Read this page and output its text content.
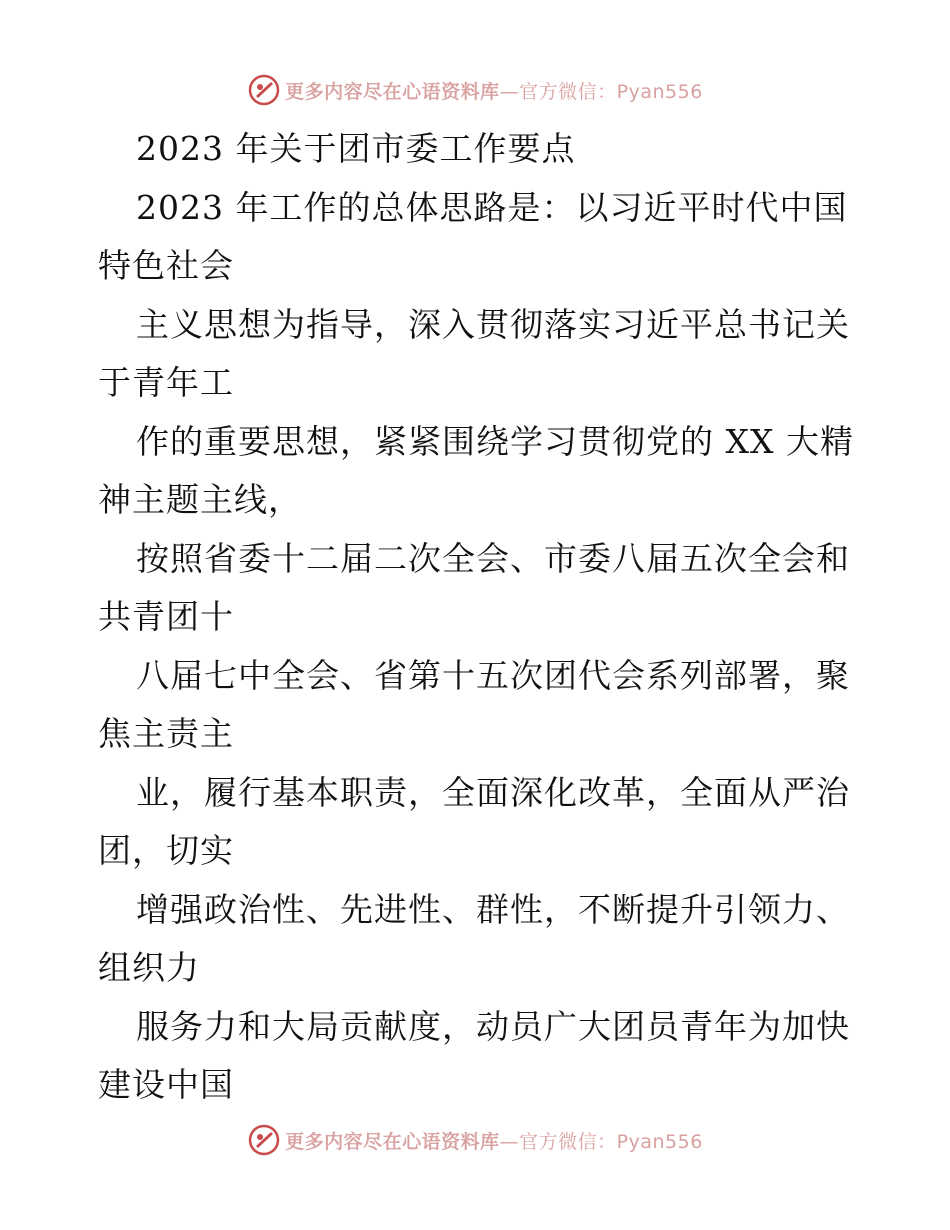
更多内容尽在心语资料库—官方微信：Pyan556
2023 年关于团市委工作要点
2023 年工作的总体思路是：以习近平时代中国
特色社会
主义思想为指导，深入贯彻落实习近平总书记关
于青年工
作的重要思想，紧紧围绕学习贯彻党的 XX 大精
神主题主线，
按照省委十二届二次全会、市委八届五次全会和
共青团十
八届七中全会、省第十五次团代会系列部署，聚
焦主责主
业，履行基本职责，全面深化改革，全面从严治
团，切实
增强政治性、先进性、群性，不断提升引领力、
组织力
服务力和大局贡献度，动员广大团员青年为加快
建设中国
更多内容尽在心语资料库—官方微信：Pyan556
